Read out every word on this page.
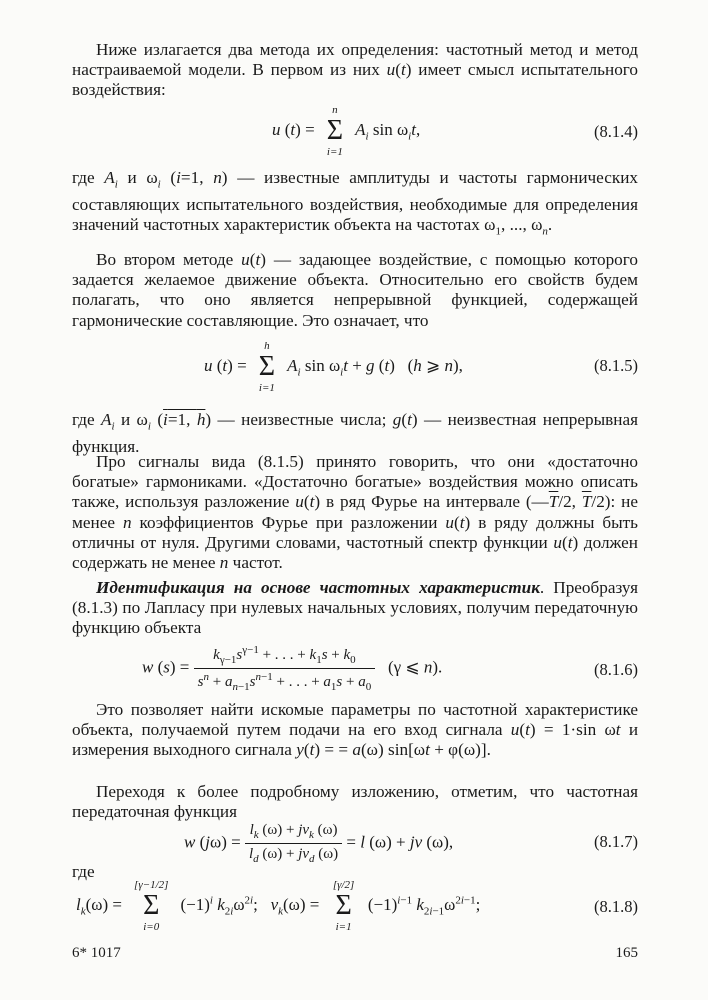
Ниже излагается два метода их определения: частотный метод и метод настраиваемой модели. В первом из них u(t) имеет смысл испытательного воздействия:

u (t) =
n
Σ
i=1
$A_i$ $\sin \omega_it$,	(8.1.4)

где $A_i$ и $\omega_i$ (i=1, n) — известные амплитуды и частоты гармонических составляющих испытательного воздействия, необходимые для определения значений частотных характеристик объекта на частотах $\omega_1$, ..., $\omega_n$.

Во втором методе u(t) — задающее воздействие, с помощью которого задается желаемое движение объекта. Относительно его свойств будем полагать, что оно является непрерывной функцией, содержащей гармонические составляющие. Это означает, что

u (t) =
h
Σ
i=1
$A_i$ $\sin \omega_it + g$ (t)   (h ⩾ n),	(8.1.5)

где $A_i$ и $\omega_i$ (i=1, h) — неизвестные числа; g(t) — неизвестная непрерывная функция.

Про сигналы вида (8.1.5) принято говорить, что они «достаточно богатые» гармониками. «Достаточно богатые» воздействия можно описать также, используя разложение u(t) в ряд Фурье на интервале ($—\overline{T}/2$, $\overline{T}/2$): не менее n коэффициентов Фурье при разложении u(t) в ряду должны быть отличны от нуля. Другими словами, частотный спектр функции u(t) должен содержать не менее n частот.

Идентификация на основе частотных характеристик. Преобразуя (8.1.3) по Лапласу при нулевых начальных условиях, получим передаточную функцию объекта

w $(s) = \frac{k_{\gamma-1}s^{\gamma-1} + . . . + k_1s + k_0}{s^n + a_{n-1}s^{n-1} + . . . + a_1s + a_0} (\gamma$ ⩽ n).	(8.1.6)

Это позволяет найти искомые параметры по частотной характеристике объекта, получаемой путем подачи на его вход сигнала u(t) = 1·sin ωt и измерения выходного сигнала y(t) = = a(ω) sin[ωt + φ(ω)].

Переходя к более подробному изложению, отметим, что частотная передаточная функция

w $(j\omega) = \frac{l_k (\omega) + jv_k (\omega)}{l_d (\omega) + jv_d (\omega)} = l$ (ω) + jv (ω),	(8.1.7)

где

$l_k(\omega)$ =
[γ−1/2]
Σ
i=0
$(-1)^i$ $k_{2i}\omega^{2i}$;   $v_k(\omega)$ =
[γ/2]
Σ
i=1
$(-1)^{i-1}$ $k_{2i-1}\omega^{2i-1}$;	(8.1.8)
6* 1017	165
